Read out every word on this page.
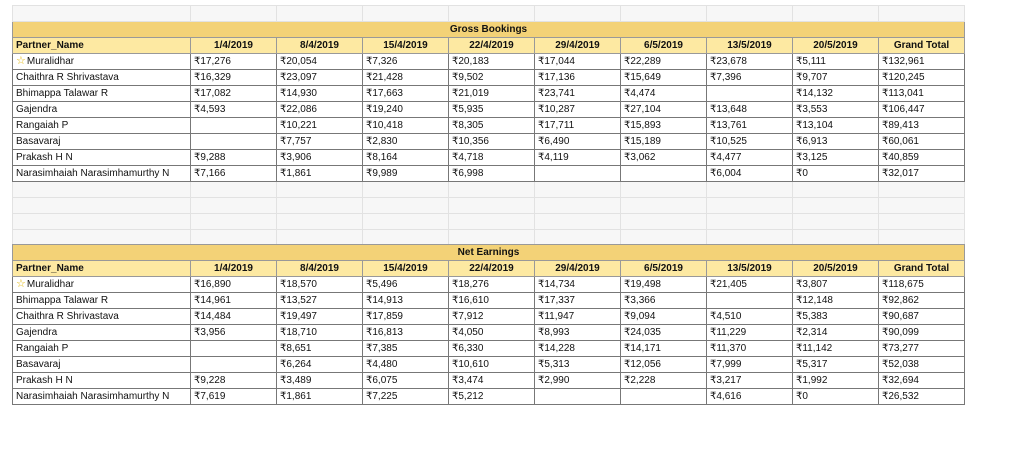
Gross Bookings									
Partner_Name	1/4/2019	8/4/2019	15/4/2019	22/4/2019	29/4/2019	6/5/2019	13/5/2019	20/5/2019	Grand Total
☆Muralidhar	₹17,276	₹20,054	₹7,326	₹20,183	₹17,044	₹22,289	₹23,678	₹5,111	₹132,961
Chaithra R Shrivastava	₹16,329	₹23,097	₹21,428	₹9,502	₹17,136	₹15,649	₹7,396	₹9,707	₹120,245
Bhimappa Talawar R	₹17,082	₹14,930	₹17,663	₹21,019	₹23,741	₹4,474		₹14,132	₹113,041
Gajendra	₹4,593	₹22,086	₹19,240	₹5,935	₹10,287	₹27,104	₹13,648	₹3,553	₹106,447
Rangaiah P		₹10,221	₹10,418	₹8,305	₹17,711	₹15,893	₹13,761	₹13,104	₹89,413
Basavaraj		₹7,757	₹2,830	₹10,356	₹6,490	₹15,189	₹10,525	₹6,913	₹60,061
Prakash H N	₹9,288	₹3,906	₹8,164	₹4,718	₹4,119	₹3,062	₹4,477	₹3,125	₹40,859
Narasimhaiah Narasimhamurthy N	₹7,166	₹1,861	₹9,989	₹6,998			₹6,004	₹0	₹32,017

Net Earnings									
Partner_Name	1/4/2019	8/4/2019	15/4/2019	22/4/2019	29/4/2019	6/5/2019	13/5/2019	20/5/2019	Grand Total
☆Muralidhar	₹16,890	₹18,570	₹5,496	₹18,276	₹14,734	₹19,498	₹21,405	₹3,807	₹118,675
Bhimappa Talawar R	₹14,961	₹13,527	₹14,913	₹16,610	₹17,337	₹3,366		₹12,148	₹92,862
Chaithra R Shrivastava	₹14,484	₹19,497	₹17,859	₹7,912	₹11,947	₹9,094	₹4,510	₹5,383	₹90,687
Gajendra	₹3,956	₹18,710	₹16,813	₹4,050	₹8,993	₹24,035	₹11,229	₹2,314	₹90,099
Rangaiah P		₹8,651	₹7,385	₹6,330	₹14,228	₹14,171	₹11,370	₹11,142	₹73,277
Basavaraj		₹6,264	₹4,480	₹10,610	₹5,313	₹12,056	₹7,999	₹5,317	₹52,038
Prakash H N	₹9,228	₹3,489	₹6,075	₹3,474	₹2,990	₹2,228	₹3,217	₹1,992	₹32,694
Narasimhaiah Narasimhamurthy N	₹7,619	₹1,861	₹7,225	₹5,212			₹4,616	₹0	₹26,532
